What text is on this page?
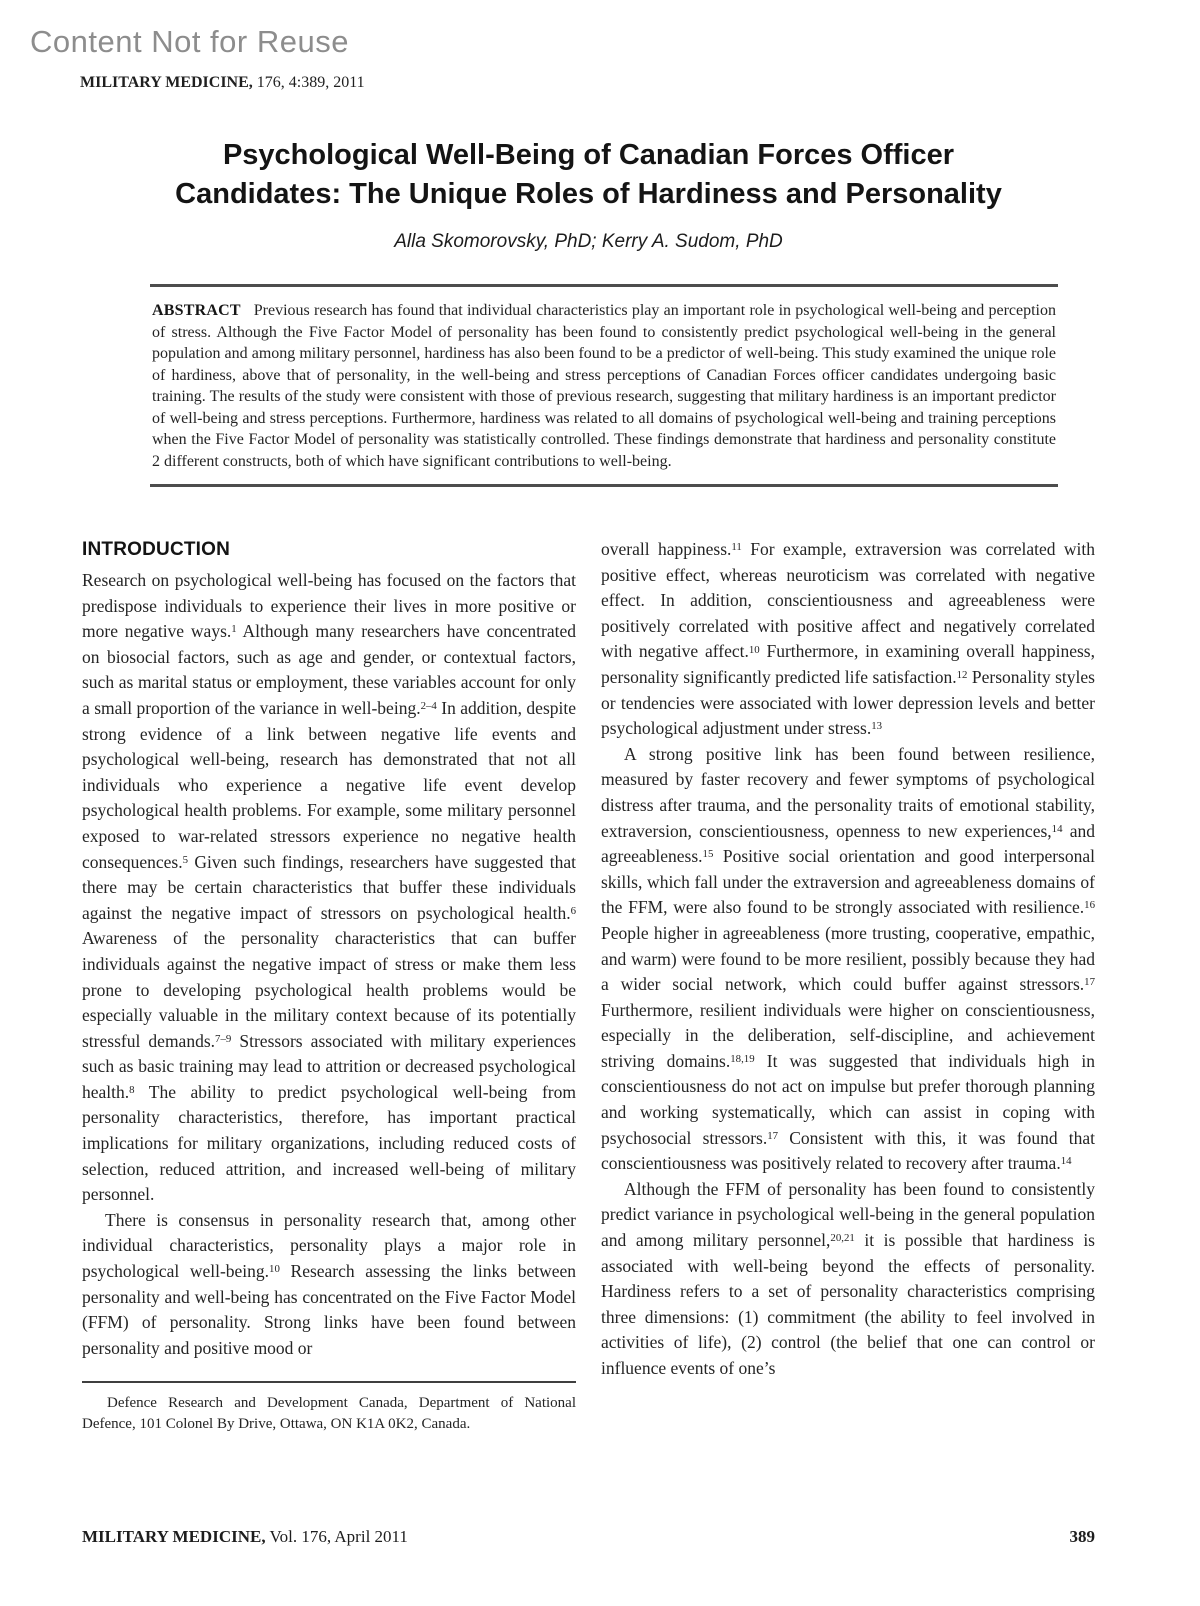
Content Not for Reuse
MILITARY MEDICINE, 176, 4:389, 2011
Psychological Well-Being of Canadian Forces Officer
Candidates: The Unique Roles of Hardiness and Personality
Alla Skomorovsky, PhD; Kerry A. Sudom, PhD
ABSTRACT Previous research has found that individual characteristics play an important role in psychological well-being and perception of stress. Although the Five Factor Model of personality has been found to consistently predict psychological well-being in the general population and among military personnel, hardiness has also been found to be a predictor of well-being. This study examined the unique role of hardiness, above that of personality, in the well-being and stress perceptions of Canadian Forces officer candidates undergoing basic training. The results of the study were consistent with those of previous research, suggesting that military hardiness is an important predictor of well-being and stress perceptions. Furthermore, hardiness was related to all domains of psychological well-being and training perceptions when the Five Factor Model of personality was statistically controlled. These findings demonstrate that hardiness and personality constitute 2 different constructs, both of which have significant contributions to well-being.
INTRODUCTION

Research on psychological well-being has focused on the factors that predispose individuals to experience their lives in more positive or more negative ways.$^1$ Although many researchers have concentrated on biosocial factors, such as age and gender, or contextual factors, such as marital status or employment, these variables account for only a small proportion of the variance in well-being.$^{2-4}$ In addition, despite strong evidence of a link between negative life events and psychological well-being, research has demonstrated that not all individuals who experience a negative life event develop psychological health problems. For example, some military personnel exposed to war-related stressors experience no negative health consequences.$^5$ Given such findings, researchers have suggested that there may be certain characteristics that buffer these individuals against the negative impact of stressors on psychological health.$^6$ Awareness of the personality characteristics that can buffer individuals against the negative impact of stress or make them less prone to developing psychological health problems would be especially valuable in the military context because of its potentially stressful demands.$^{7-9}$ Stressors associated with military experiences such as basic training may lead to attrition or decreased psychological health.$^8$ The ability to predict psychological well-being from personality characteristics, therefore, has important practical implications for military organizations, including reduced costs of selection, reduced attrition, and increased well-being of military personnel.

There is consensus in personality research that, among other individual characteristics, personality plays a major role in psychological well-being.$^{10}$ Research assessing the links between personality and well-being has concentrated on the Five Factor Model (FFM) of personality. Strong links have been found between personality and positive mood or

Defence Research and Development Canada, Department of National Defence, 101 Colonel By Drive, Ottawa, ON K1A 0K2, Canada.

overall happiness.$^{11}$ For example, extraversion was correlated with positive effect, whereas neuroticism was correlated with negative effect. In addition, conscientiousness and agreeableness were positively correlated with positive affect and negatively correlated with negative affect.$^{10}$ Furthermore, in examining overall happiness, personality significantly predicted life satisfaction.$^{12}$ Personality styles or tendencies were associated with lower depression levels and better psychological adjustment under stress.$^{13}$

A strong positive link has been found between resilience, measured by faster recovery and fewer symptoms of psychological distress after trauma, and the personality traits of emotional stability, extraversion, conscientiousness, openness to new experiences,$^{14}$ and agreeableness.$^{15}$ Positive social orientation and good interpersonal skills, which fall under the extraversion and agreeableness domains of the FFM, were also found to be strongly associated with resilience.$^{16}$ People higher in agreeableness (more trusting, cooperative, empathic, and warm) were found to be more resilient, possibly because they had a wider social network, which could buffer against stressors.$^{17}$ Furthermore, resilient individuals were higher on conscientiousness, especially in the deliberation, self-discipline, and achievement striving domains.$^{18,19}$ It was suggested that individuals high in conscientiousness do not act on impulse but prefer thorough planning and working systematically, which can assist in coping with psychosocial stressors.$^{17}$ Consistent with this, it was found that conscientiousness was positively related to recovery after trauma.$^{14}$

Although the FFM of personality has been found to consistently predict variance in psychological well-being in the general population and among military personnel,$^{20,21}$ it is possible that hardiness is associated with well-being beyond the effects of personality. Hardiness refers to a set of personality characteristics comprising three dimensions: (1) commitment (the ability to feel involved in activities of life), (2) control (the belief that one can control or influence events of one’s

MILITARY MEDICINE, Vol. 176, April 2011	389
